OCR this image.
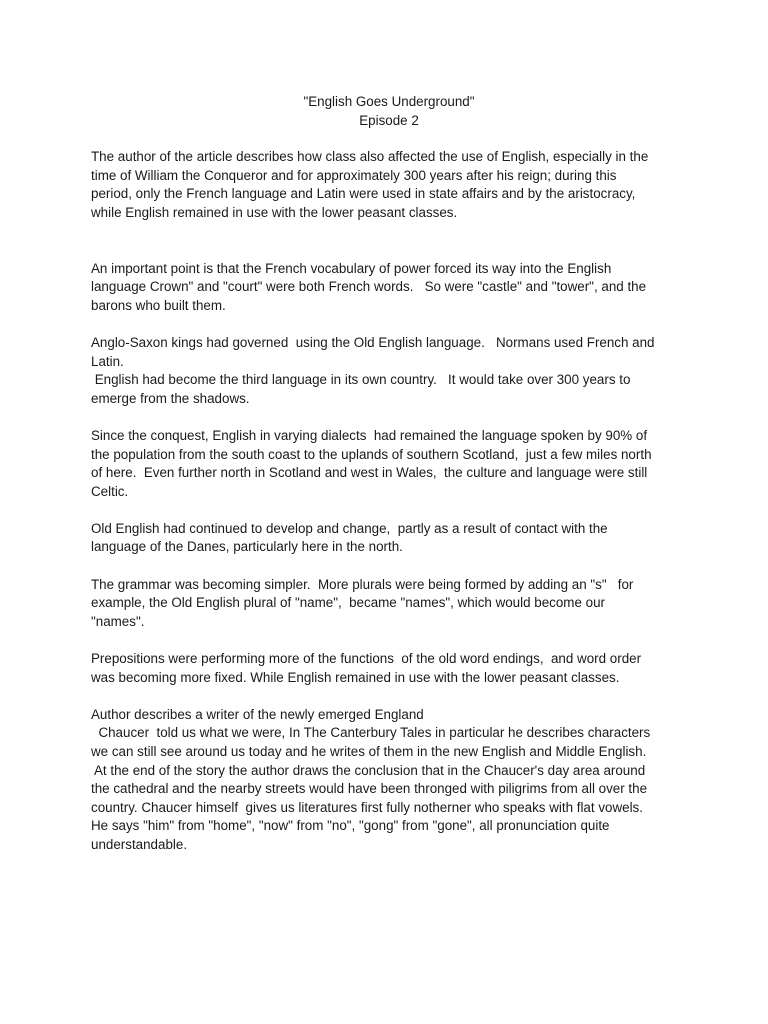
"English Goes Underground"
Episode 2

The author of the article describes how class also affected the use of English, especially in the
time of William the Conqueror and for approximately 300 years after his reign; during this
period, only the French language and Latin were used in state affairs and by the aristocracy,
while English remained in use with the lower peasant classes.

An important point is that the French vocabulary of power forced its way into the English
language Crown" and "court" were both French words.   So were "castle" and "tower", and the
barons who built them.

Anglo-Saxon kings had governed  using the Old English language.   Normans used French and
Latin.
English had become the third language in its own country.   It would take over 300 years to
emerge from the shadows.

Since the conquest, English in varying dialects  had remained the language spoken by 90% of
the population from the south coast to the uplands of southern Scotland,  just a few miles north
of here.  Even further north in Scotland and west in Wales,  the culture and language were still
Celtic.

Old English had continued to develop and change,  partly as a result of contact with the
language of the Danes, particularly here in the north.

The grammar was becoming simpler.  More plurals were being formed by adding an "s"   for
example, the Old English plural of "name",  became "names", which would become our
"names".

Prepositions were performing more of the functions  of the old word endings,  and word order
was becoming more fixed. While English remained in use with the lower peasant classes.

Author describes a writer of the newly emerged England
Chaucer  told us what we were, In The Canterbury Tales in particular he describes characters
we can still see around us today and he writes of them in the new English and Middle English.
At the end of the story the author draws the conclusion that in the Chaucer's day area around
the cathedral and the nearby streets would have been thronged with piligrims from all over the
country. Chaucer himself  gives us literatures first fully notherner who speaks with flat vowels.
He says "him" from "home", "now" from "no", "gong" from "gone", all pronunciation quite
understandable.
